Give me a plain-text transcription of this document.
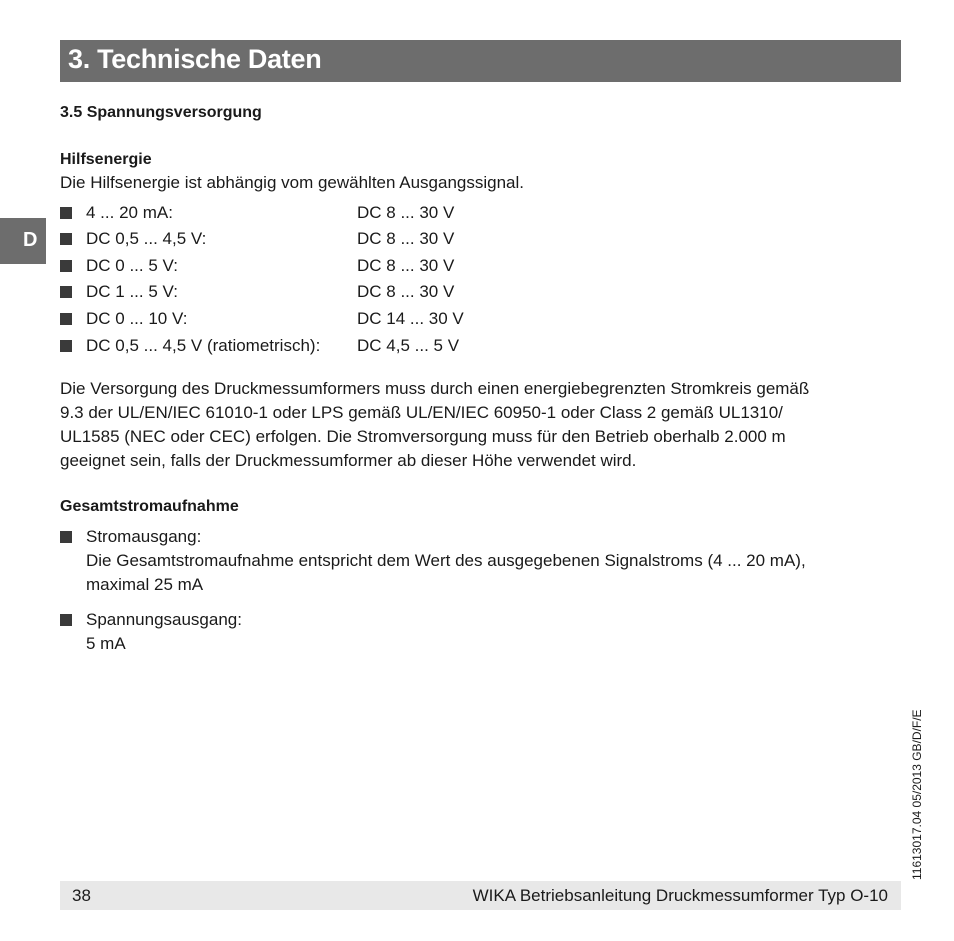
3. Technische Daten
D
3.5 Spannungsversorgung
Hilfsenergie
Die Hilfsenergie ist abhängig vom gewählten Ausgangssignal.
4 ... 20 mA:	DC 8 ... 30 V
DC 0,5 ... 4,5 V:	DC 8 ... 30 V
DC 0 ... 5 V:	DC 8 ... 30 V
DC 1 ... 5 V:	DC 8 ... 30 V
DC 0 ... 10 V:	DC 14 ... 30 V
DC 0,5 ... 4,5 V (ratiometrisch): DC 4,5 ... 5 V
Die Versorgung des Druckmessumformers muss durch einen energiebegrenzten Stromkreis gemäß
9.3 der UL/EN/IEC 61010-1 oder LPS gemäß UL/EN/IEC 60950-1 oder Class 2 gemäß UL1310/
UL1585 (NEC oder CEC) erfolgen. Die Stromversorgung muss für den Betrieb oberhalb 2.000 m
geeignet sein, falls der Druckmessumformer ab dieser Höhe verwendet wird.
Gesamtstromaufnahme
Stromausgang:
Die Gesamtstromaufnahme entspricht dem Wert des ausgegebenen Signalstroms (4 ... 20 mA),
maximal 25 mA
Spannungsausgang:
5 mA
11613017.04 05/2013 GB/D/F/E
38	WIKA Betriebsanleitung Druckmessumformer Typ O-10
